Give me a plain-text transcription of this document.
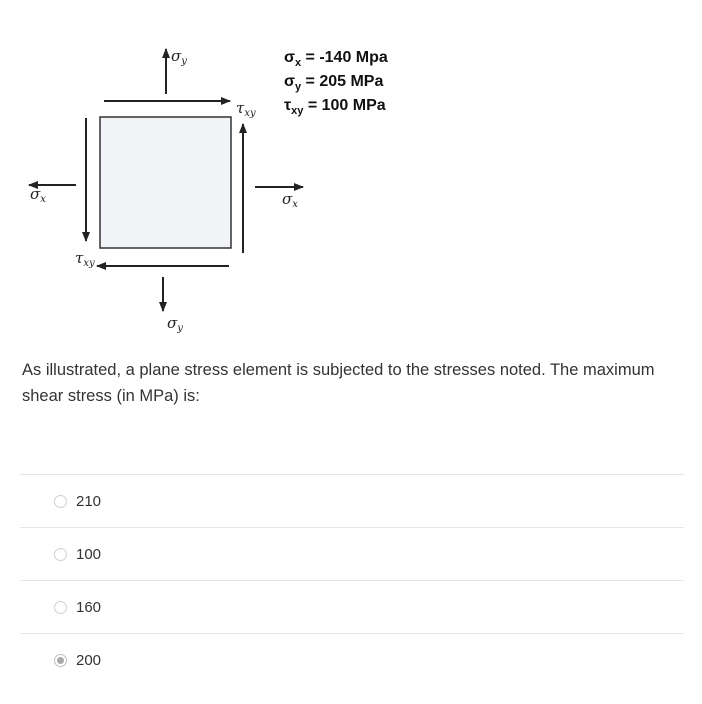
σy
τxy
τxy
σx	σx
σy
$\sigma_x = -140$ Mpa
$\sigma_y = 205$ MPa
$\tau_{xy} = 100$ MPa

As illustrated, a plane stress element is subjected to the stresses noted. The maximum shear stress (in MPa) is:

210
100
160
200
